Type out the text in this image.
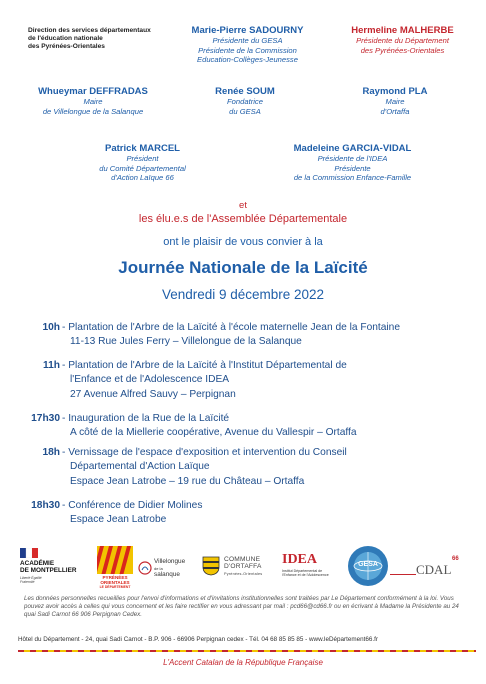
Direction des services départementaux
de l'éducation nationale
des Pyrénées-Orientales
Marie-Pierre SADOURNY
Présidente du GESA
Présidente de la Commission
Education-Collèges-Jeunesse
Hermeline MALHERBE
Présidente du Département
des Pyrénées-Orientales
Whueymar DEFFRADAS
Maire
de Villelongue de la Salanque
Renée SOUM
Fondatrice
du GESA
Raymond PLA
Maire
d'Ortaffa
Patrick MARCEL
Président
du Comité Départemental
d'Action Laïque 66
Madeleine GARCIA-VIDAL
Présidente de l'IDEA
Présidente
de la Commission Enfance-Famille
et
les élu.e.s de l'Assemblée Départementale
ont le plaisir de vous convier à la
Journée Nationale de la Laïcité
Vendredi 9 décembre 2022
10h - Plantation de l'Arbre de la Laïcité à l'école maternelle Jean de la Fontaine
11-13 Rue Jules Ferry – Villelongue de la Salanque
11h - Plantation de l'Arbre de la Laïcité à l'Institut Départemental de
l'Enfance et de l'Adolescence IDEA
27 Avenue Alfred Sauvy – Perpignan
17h30 - Inauguration de la Rue de la Laïcité
A côté de la Miellerie coopérative, Avenue du Vallespir – Ortaffa
18h - Vernissage de l'espace d'exposition et intervention du Conseil
Départemental d'Action Laïque
Espace Jean Latrobe – 19 rue du Château – Ortaffa
18h30 - Conférence de Didier Molines
Espace Jean Latrobe
ACADÉMIE
DE MONTPELLIER
Liberté Égalité Fraternité
PYRÉNÉES
ORIENTALES
LE DÉPARTEMENT
Villelongue
de la
salanque
COMMUNE
D'ORTAFFA
Pyrénées-Orientales
IDEA
Institut Départemental de
l'Enfance et de l'Adolescence
GESA	CDAL
66
Les données personnelles recueillies pour l'envoi d'informations et d'invitations institutionnelles sont traitées par Le Département conformément à la loi. Vous pouvez avoir accès à celles qui vous concernent et les faire rectifier en vous adressant par mail : pcd66@cd66.fr ou en écrivant à Madame la Présidente au 24 quai Sadi Carnot 66 906 Perpignan Cedex.
Hôtel du Département - 24, quai Sadi Carnot - B.P. 906 - 66906 Perpignan cedex - Tél. 04 68 85 85 85 - www.leDépartement66.fr
L'Accent Catalan de la République Française
